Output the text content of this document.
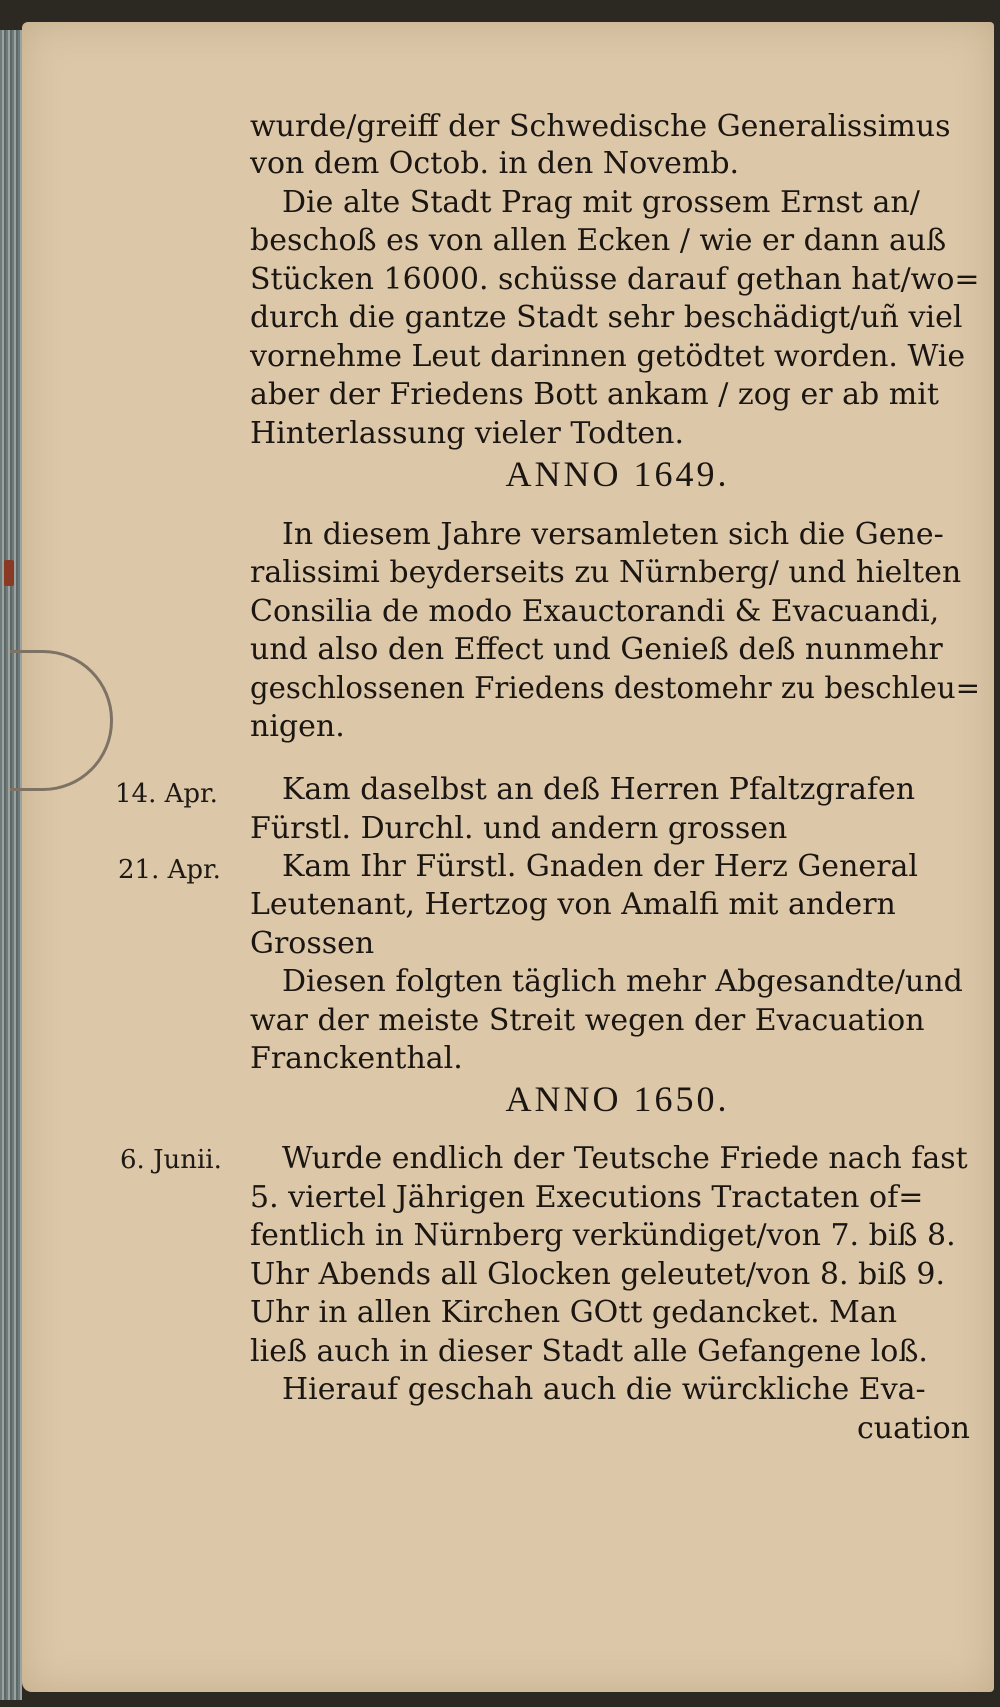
14. Apr.
21. Apr.
6. Junii.
wurde/greiff der Schwedische Generalissimus
von dem Octob. in den Novemb.
Die alte Stadt Prag mit grossem Ernst an/
beschoß es von allen Ecken / wie er dann auß
Stücken 16000. schüsse darauf gethan hat/wo=
durch die gantze Stadt sehr beschädigt/uñ viel
vornehme Leut darinnen getödtet worden. Wie
aber der Friedens Bott ankam / zog er ab mit
Hinterlassung vieler Todten.
ANNO 1649.
In diesem Jahre versamleten sich die Gene-
ralissimi beyderseits zu Nürnberg/ und hielten
Consilia de modo Exauctorandi & Evacuandi,
und also den Effect und Genieß deß nunmehr
geschlossenen Friedens destomehr zu beschleu=
nigen.
Kam daselbst an deß Herren Pfaltzgrafen
Fürstl. Durchl. und andern grossen
Kam Ihr Fürstl. Gnaden der Herz General
Leutenant, Hertzog von Amalfi mit andern
Grossen
Diesen folgten täglich mehr Abgesandte/und
war der meiste Streit wegen der Evacuation
Franckenthal.
ANNO 1650.
Wurde endlich der Teutsche Friede nach fast
5. viertel Jährigen Executions Tractaten of=
fentlich in Nürnberg verkündiget/von 7. biß 8.
Uhr Abends all Glocken geleutet/von 8. biß 9.
Uhr in allen Kirchen GOtt gedancket. Man
ließ auch in dieser Stadt alle Gefangene loß.
Hierauf geschah auch die würckliche Eva-
cuation
